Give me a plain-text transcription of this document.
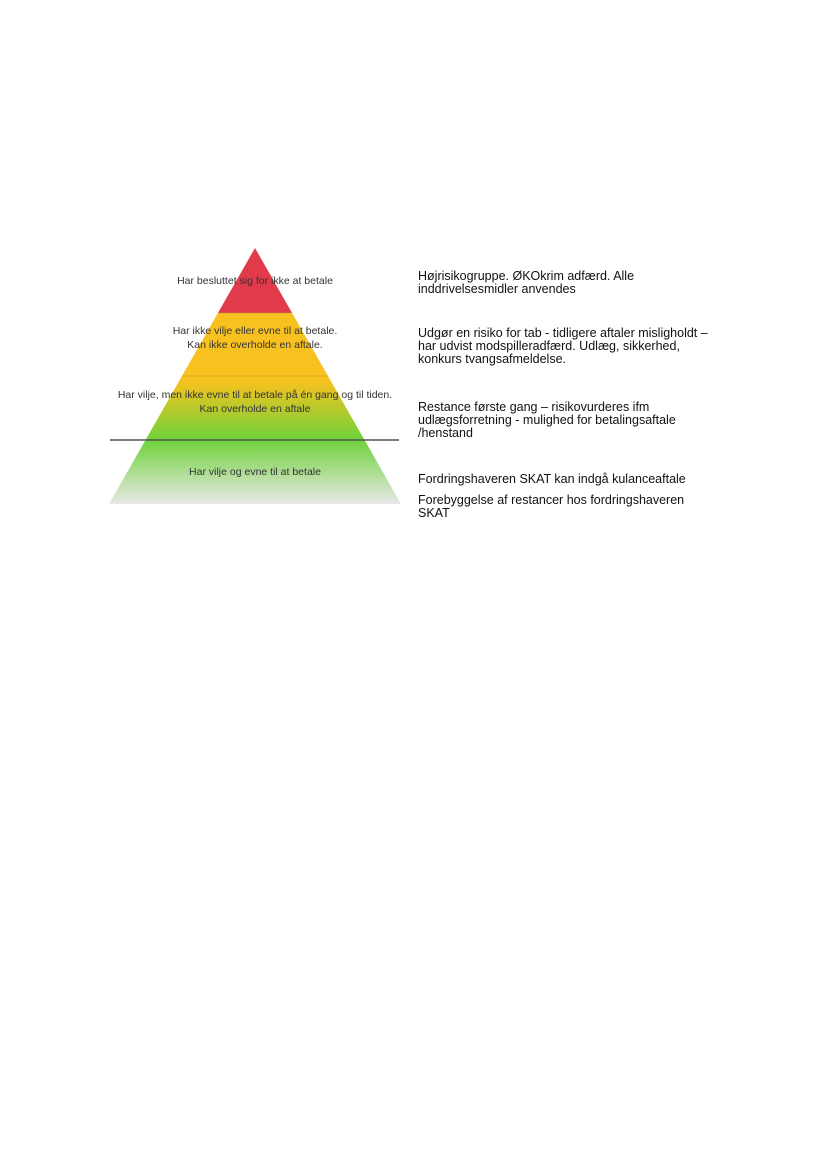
Har besluttet sig for ikke at betale
Har ikke vilje eller evne til at betale.
Kan ikke overholde en aftale.
Har vilje, men ikke evne til at betale på én gang og til tiden.
Kan overholde en aftale
Har vilje og evne til at betale

Højrisikogruppe. ØKOkrim adfærd. Alle inddrivelsesmidler anvendes

Udgør en risiko for tab - tidligere aftaler misligholdt – har udvist modspilleradfærd. Udlæg, sikkerhed, konkurs tvangsafmeldelse.

Restance første gang – risikovurderes ifm udlægsforretning - mulighed for betalingsaftale /henstand

Fordringshaveren SKAT kan indgå kulanceaftale

Forebyggelse af restancer hos fordringshaveren SKAT
